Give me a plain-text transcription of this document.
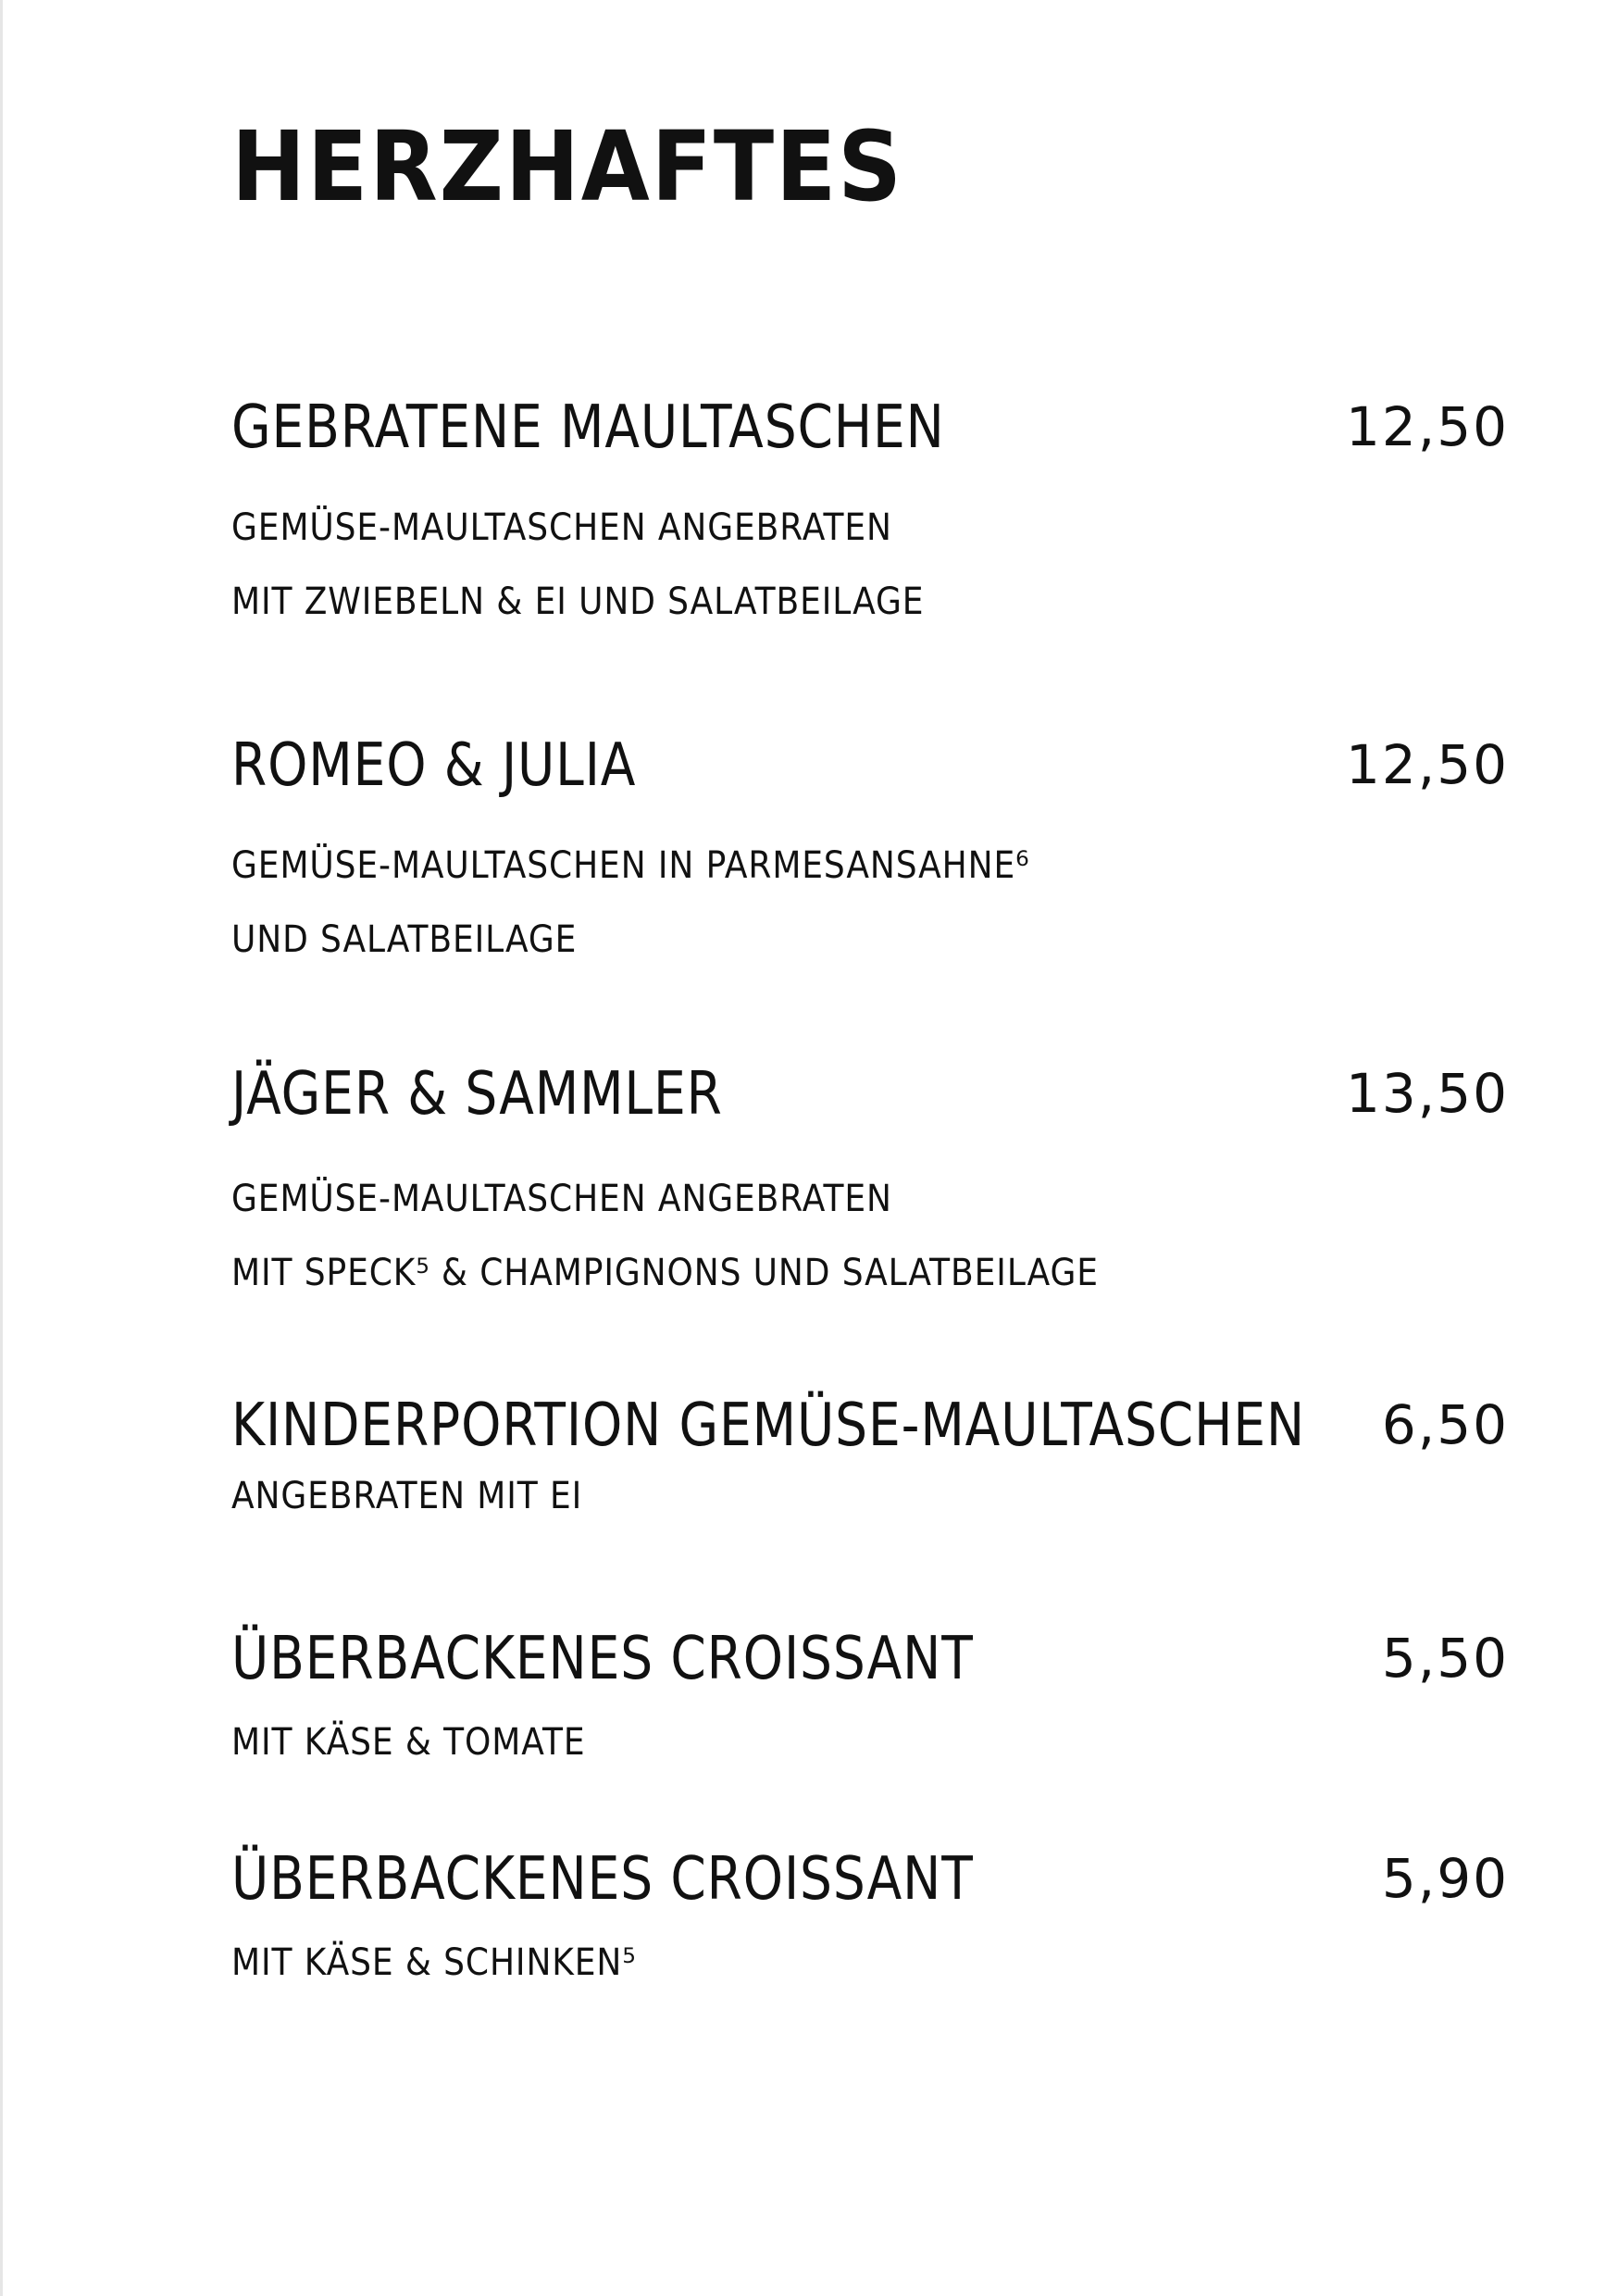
HERZHAFTES
GEBRATENE MAULTASCHEN	12,50
GEMÜSE-MAULTASCHEN ANGEBRATEN
MIT ZWIEBELN & EI UND SALATBEILAGE
ROMEO & JULIA	12,50
GEMÜSE-MAULTASCHEN IN PARMESANSAHNE⁶
UND SALATBEILAGE
JÄGER & SAMMLER	13,50
GEMÜSE-MAULTASCHEN ANGEBRATEN
MIT SPECK⁵ & CHAMPIGNONS UND SALATBEILAGE
KINDERPORTION GEMÜSE-MAULTASCHEN 6,50
ANGEBRATEN MIT EI
ÜBERBACKENES CROISSANT	5,50
MIT KÄSE & TOMATE
ÜBERBACKENES CROISSANT	5,90
MIT KÄSE & SCHINKEN⁵
